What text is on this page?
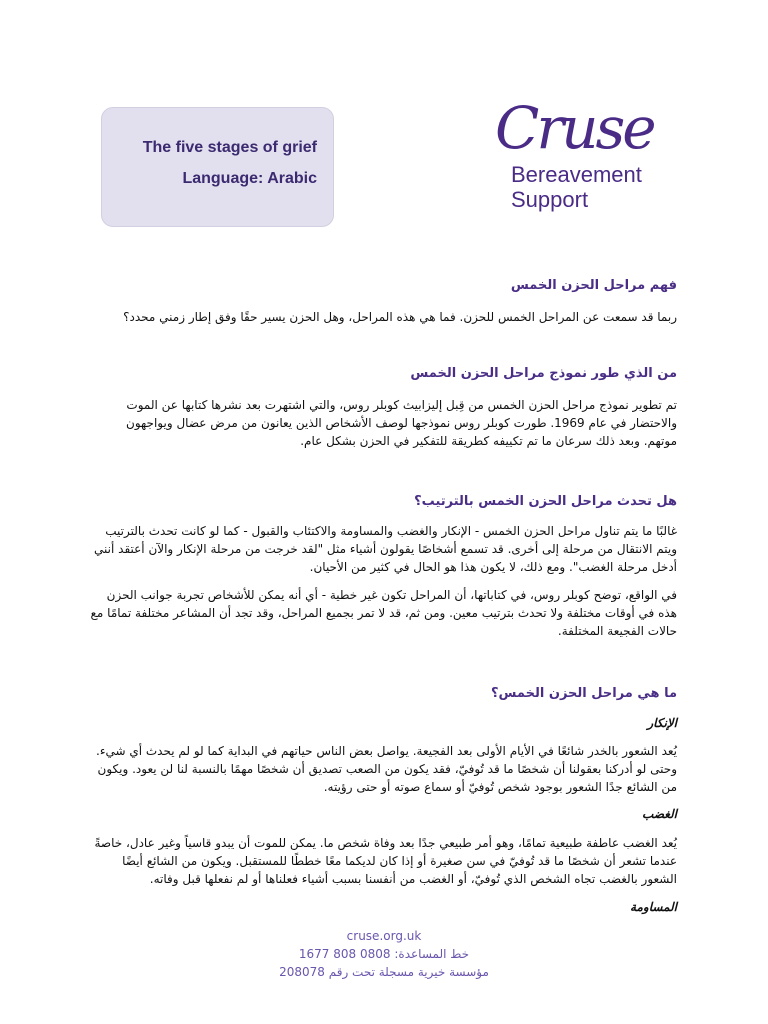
The five stages of grief
Language: Arabic
Cruse
Bereavement
Support
فهم مراحل الحزن الخمس

ربما قد سمعت عن المراحل الخمس للحزن. فما هي هذه المراحل، وهل الحزن يسير حقًا وفق إطار زمني محدد؟

من الذي طور نموذج مراحل الحزن الخمس

تم تطوير نموذج مراحل الحزن الخمس من قِبل إليزابيث كوبلر روس، والتي اشتهرت بعد نشرها كتابها عن الموت والاحتضار في عام 1969. طورت كوبلر روس نموذجها لوصف الأشخاص الذين يعانون من مرض عضال ويواجهون موتهم. وبعد ذلك سرعان ما تم تكييفه كطريقة للتفكير في الحزن بشكل عام.

هل تحدث مراحل الحزن الخمس بالترتيب؟

غالبًا ما يتم تناول مراحل الحزن الخمس - الإنكار والغضب والمساومة والاكتئاب والقبول - كما لو كانت تحدث بالترتيب ويتم الانتقال من مرحلة إلى أخرى. قد تسمع أشخاصًا يقولون أشياء مثل "لقد خرجت من مرحلة الإنكار والآن أعتقد أنني أدخل مرحلة الغضب". ومع ذلك، لا يكون هذا هو الحال في كثير من الأحيان.

في الواقع، توضح كوبلر روس، في كتاباتها، أن المراحل تكون غير خطية - أي أنه يمكن للأشخاص تجربة جوانب الحزن هذه في أوقات مختلفة ولا تحدث بترتيب معين. ومن ثم، قد لا تمر بجميع المراحل، وقد تجد أن المشاعر مختلفة تمامًا مع حالات الفجيعة المختلفة.

ما هي مراحل الحزن الخمس؟
الإنكار

يُعد الشعور بالخدر شائعًا في الأيام الأولى بعد الفجيعة. يواصل بعض الناس حياتهم في البداية كما لو لم يحدث أي شيء. وحتى لو أدركنا بعقولنا أن شخصًا ما قد تُوفيّ، فقد يكون من الصعب تصديق أن شخصًا مهمًا بالنسبة لنا لن يعود. ويكون من الشائع جدًا الشعور بوجود شخص تُوفيّ أو سماع صوته أو حتى رؤيته.

الغضب

يُعد الغضب عاطفة طبيعية تمامًا، وهو أمر طبيعي جدًا بعد وفاة شخص ما. يمكن للموت أن يبدو قاسياً وغير عادل، خاصةً عندما تشعر أن شخصًا ما قد تُوفيّ في سن صغيرة أو إذا كان لديكما معًا خططًا للمستقبل. ويكون من الشائع أيضًا الشعور بالغضب تجاه الشخص الذي تُوفيّ، أو الغضب من أنفسنا بسبب أشياء فعلناها أو لم نفعلها قبل وفاته.

المساومة
cruse.org.uk
خط المساعدة: 0808 808 1677
مؤسسة خيرية مسجلة تحت رقم 208078
